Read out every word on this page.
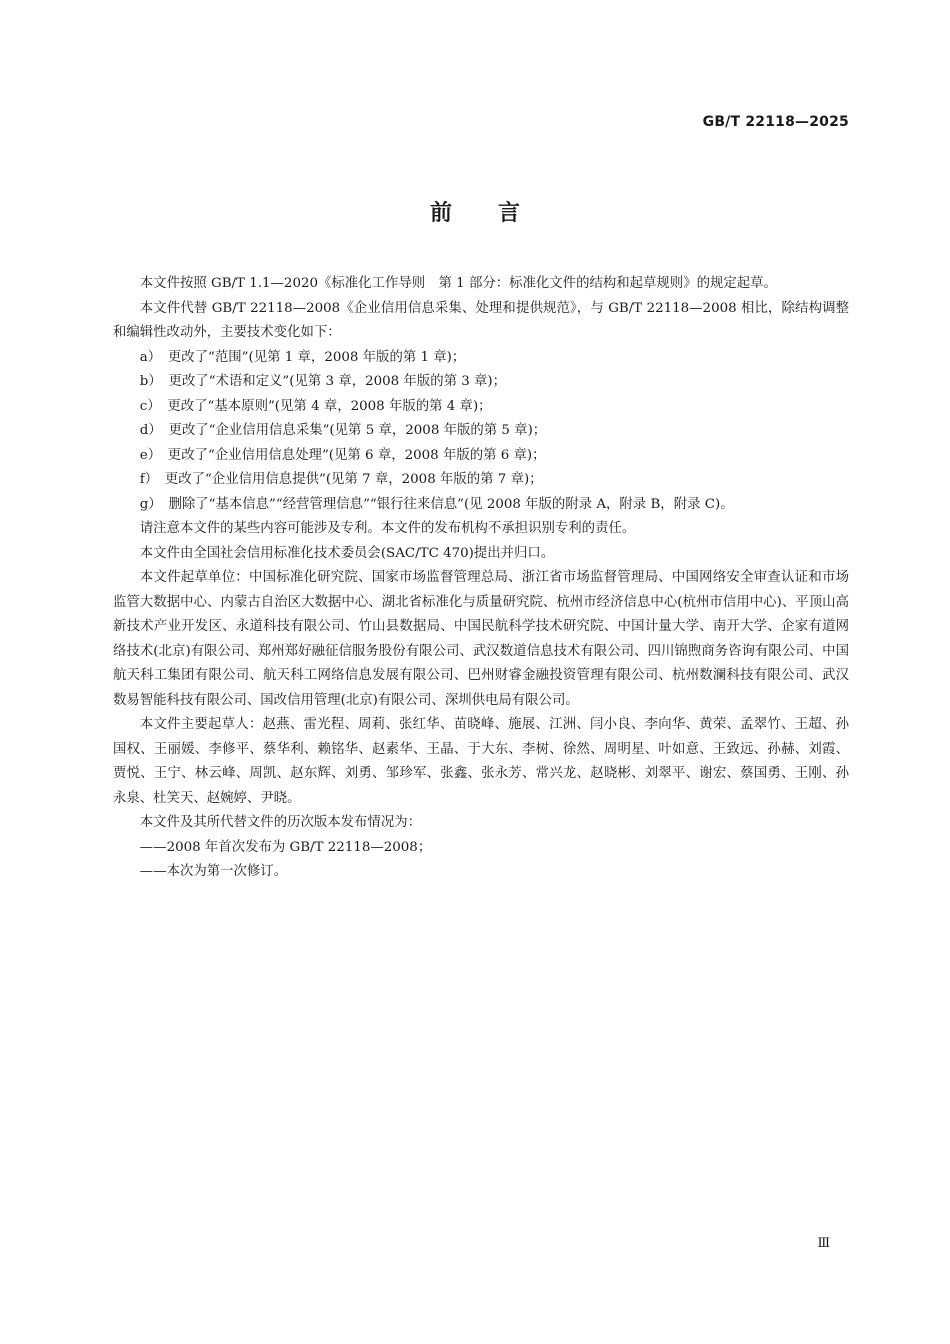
GB/T 22118—2025
前言

本文件按照 GB/T 1.1—2020《标准化工作导则　第 1 部分：标准化文件的结构和起草规则》的规定起草。

本文件代替 GB/T 22118—2008《企业信用信息采集、处理和提供规范》，与 GB/T 22118—2008 相比，除结构调整和编辑性改动外，主要技术变化如下：

a）　更改了“范围”(见第 1 章，2008 年版的第 1 章)；

b）　更改了“术语和定义”(见第 3 章，2008 年版的第 3 章)；

c）　更改了“基本原则”(见第 4 章，2008 年版的第 4 章)；

d）　更改了“企业信用信息采集”(见第 5 章，2008 年版的第 5 章)；

e）　更改了“企业信用信息处理”(见第 6 章，2008 年版的第 6 章)；

f）　更改了“企业信用信息提供”(见第 7 章，2008 年版的第 7 章)；

g）　删除了“基本信息”“经营管理信息”“银行往来信息”(见 2008 年版的附录 A，附录 B，附录 C)。

请注意本文件的某些内容可能涉及专利。本文件的发布机构不承担识别专利的责任。

本文件由全国社会信用标准化技术委员会(SAC/TC 470)提出并归口。

本文件起草单位：中国标准化研究院、国家市场监督管理总局、浙江省市场监督管理局、中国网络安全审查认证和市场监管大数据中心、内蒙古自治区大数据中心、湖北省标准化与质量研究院、杭州市经济信息中心(杭州市信用中心)、平顶山高新技术产业开发区、永道科技有限公司、竹山县数据局、中国民航科学技术研究院、中国计量大学、南开大学、企家有道网络技术(北京)有限公司、郑州郑好融征信服务股份有限公司、武汉数道信息技术有限公司、四川锦煦商务咨询有限公司、中国航天科工集团有限公司、航天科工网络信息发展有限公司、巴州财睿金融投资管理有限公司、杭州数澜科技有限公司、武汉数易智能科技有限公司、国改信用管理(北京)有限公司、深圳供电局有限公司。

本文件主要起草人：赵燕、雷光程、周莉、张红华、苗晓峰、施展、江洲、闫小良、李向华、黄荣、孟翠竹、王超、孙国权、王丽媛、李修平、蔡华利、赖铭华、赵素华、王晶、于大东、李树、徐然、周明星、叶如意、王致远、孙赫、刘霞、贾悦、王宁、林云峰、周凯、赵东辉、刘勇、邹珍军、张鑫、张永芳、常兴龙、赵晓彬、刘翠平、谢宏、蔡国勇、王刚、孙永泉、杜笑天、赵婉婷、尹晓。

本文件及其所代替文件的历次版本发布情况为：

——2008 年首次发布为 GB/T 22118—2008；

——本次为第一次修订。

Ⅲ
